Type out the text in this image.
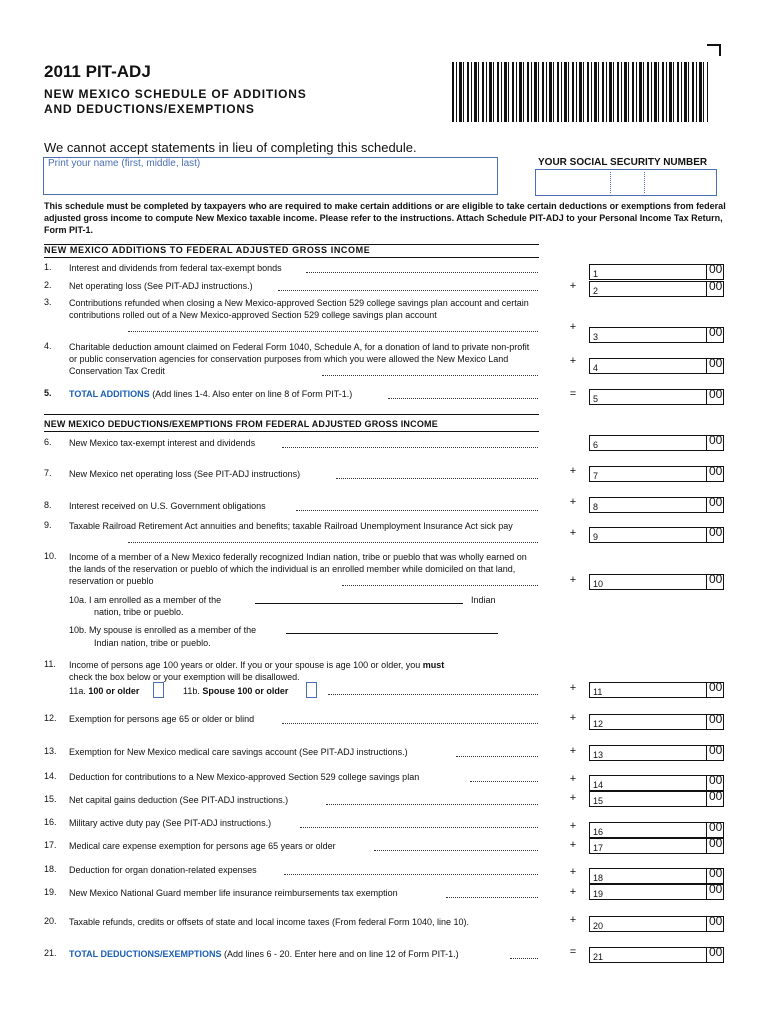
2011 PIT-ADJ
NEW MEXICO SCHEDULE OF ADDITIONS
AND DEDUCTIONS/EXEMPTIONS
We cannot accept statements in lieu of completing this schedule.
Print your name (first, middle, last)	YOUR SOCIAL SECURITY NUMBER
This schedule must be completed by taxpayers who are required to make certain additions or are eligible to take certain deductions or exemptions from federal adjusted gross income to compute New Mexico taxable income. Please refer to the instructions. Attach Schedule PIT-ADJ to your Personal Income Tax Return, Form PIT-1.
NEW MEXICO ADDITIONS TO FEDERAL ADJUSTED GROSS INCOME
1. Interest and dividends from federal tax-exempt bonds
1	00
2. Net operating loss (See PIT-ADJ instructions.)	+ 2	00
3. Contributions refunded when closing a New Mexico-approved Section 529 college savings plan account and certain contributions rolled out of a New Mexico-approved Section 529 college savings plan account
+
3	00
4. Charitable deduction amount claimed on Federal Form 1040, Schedule A, for a donation of land to private non-profit or public conservation agencies for conservation purposes from which you were allowed the New Mexico Land Conservation Tax Credit
+
4	00
5. TOTAL ADDITIONS (Add lines 1-4. Also enter on line 8 of Form PIT-1.)	= 5	00
NEW MEXICO DEDUCTIONS/EXEMPTIONS FROM FEDERAL ADJUSTED GROSS INCOME
6. New Mexico tax-exempt interest and dividends	6	00
7. New Mexico net operating loss (See PIT-ADJ instructions)	+ 7	00
8. Interest received on U.S. Government obligations	+ 8	00
9. Taxable Railroad Retirement Act annuities and benefits; taxable Railroad Unemployment Insurance Act sick pay
+ 9	00
10. Income of a member of a New Mexico federally recognized Indian nation, tribe or pueblo that was wholly earned on the lands of the reservation or pueblo of which the individual is an enrolled member while domiciled on that land, reservation or pueblo	+ 10	00
10a. I am enrolled as a member of the	Indian
nation, tribe or pueblo.
10b. My spouse is enrolled as a member of the
Indian nation, tribe or pueblo.
11. Income of persons age 100 years or older. If you or your spouse is age 100 or older, you must
check the box below or your exemption will be disallowed.
11a. 100 or older	11b. Spouse 100 or older	+ 11	00
12. Exemption for persons age 65 or older or blind	+ 12	00
13. Exemption for New Mexico medical care savings account (See PIT-ADJ instructions.)	+ 13	00
14. Deduction for contributions to a New Mexico-approved Section 529 college savings plan	+ 14	00
15. Net capital gains deduction (See PIT-ADJ instructions.)	+ 15	00
16. Military active duty pay (See PIT-ADJ instructions.)	+ 16	00
17. Medical care expense exemption for persons age 65 years or older	+ 17	00
18. Deduction for organ donation-related expenses	+ 18	00
19. New Mexico National Guard member life insurance reimbursements tax exemption	+ 19	00
20. Taxable refunds, credits or offsets of state and local income taxes (From federal Form 1040, line 10).	+ 20	00
21. TOTAL DEDUCTIONS/EXEMPTIONS (Add lines 6 - 20. Enter here and on line 12 of Form PIT-1.)	= 21	00
